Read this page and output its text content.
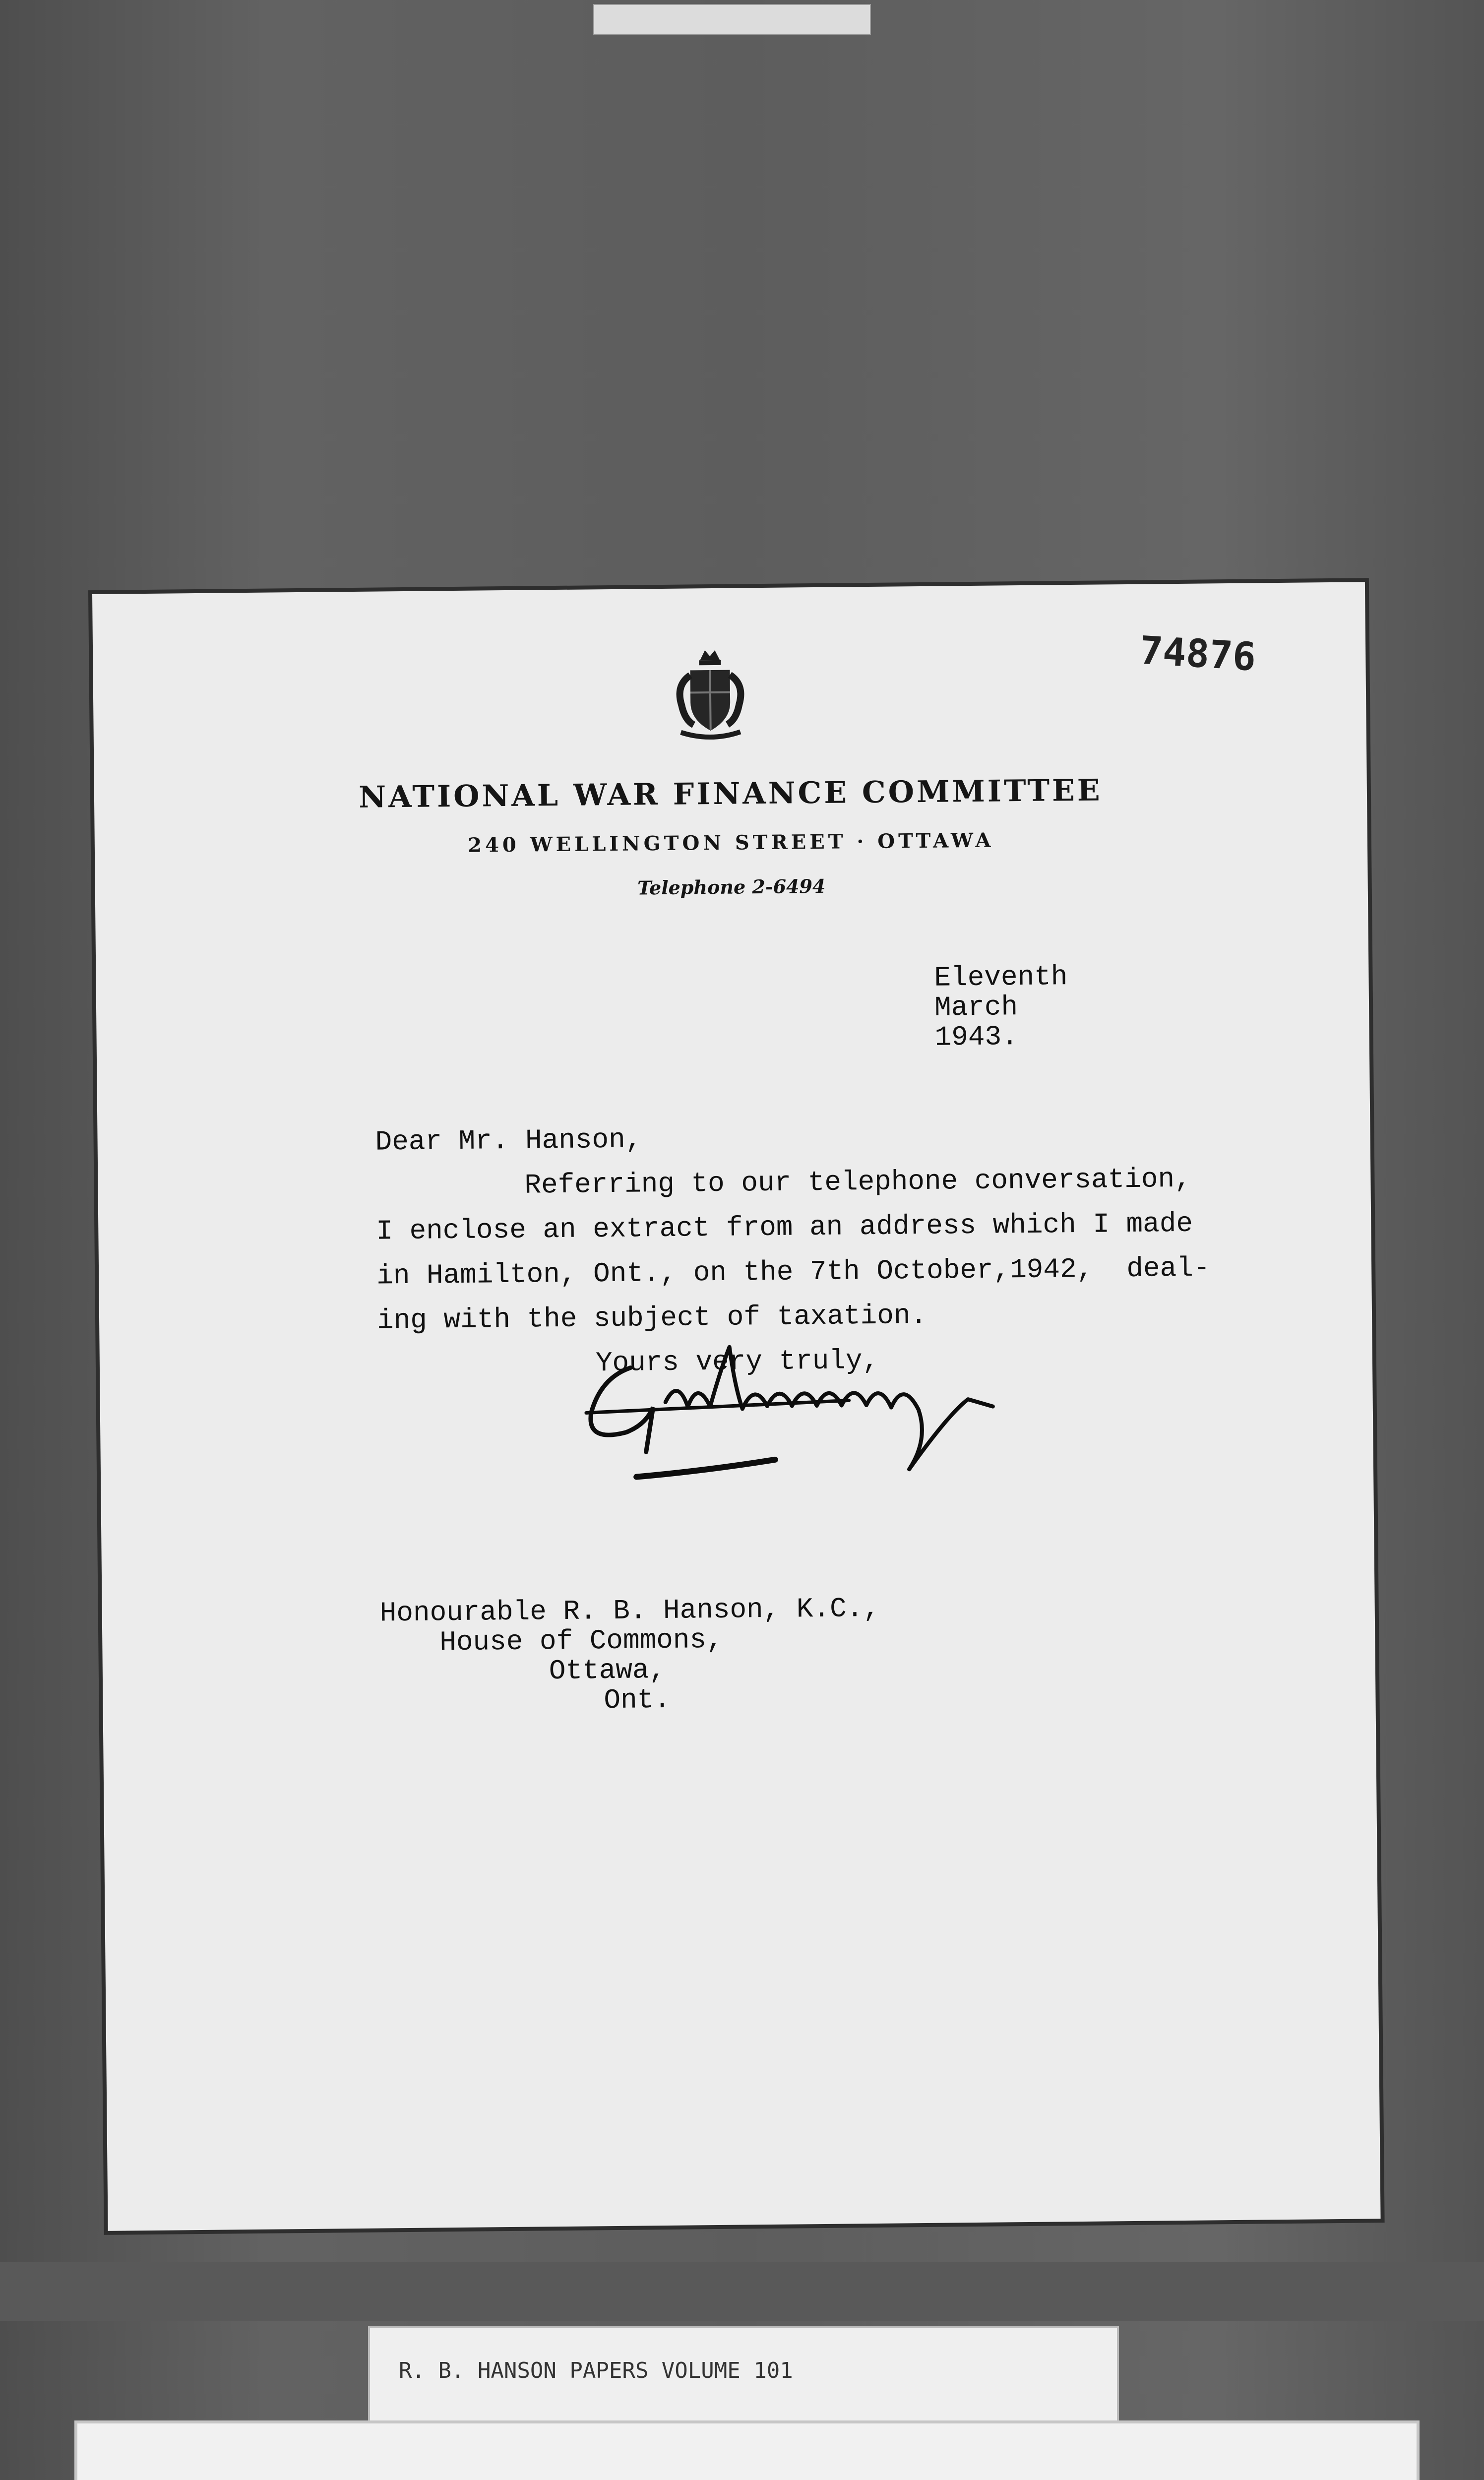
74876
NATIONAL WAR FINANCE COMMITTEE
240 WELLINGTON STREET · OTTAWA
Telephone 2-6494
Eleventh
March
1943.
Dear Mr. Hanson,
Referring to our telephone conversation,
I enclose an extract from an address which I made
in Hamilton, Ont., on the 7th October,1942,  deal-
ing with the subject of taxation.
Yours very truly,
Honourable R. B. Hanson, K.C.,
House of Commons,
Ottawa,
Ont.
R. B. HANSON PAPERS VOLUME 101
